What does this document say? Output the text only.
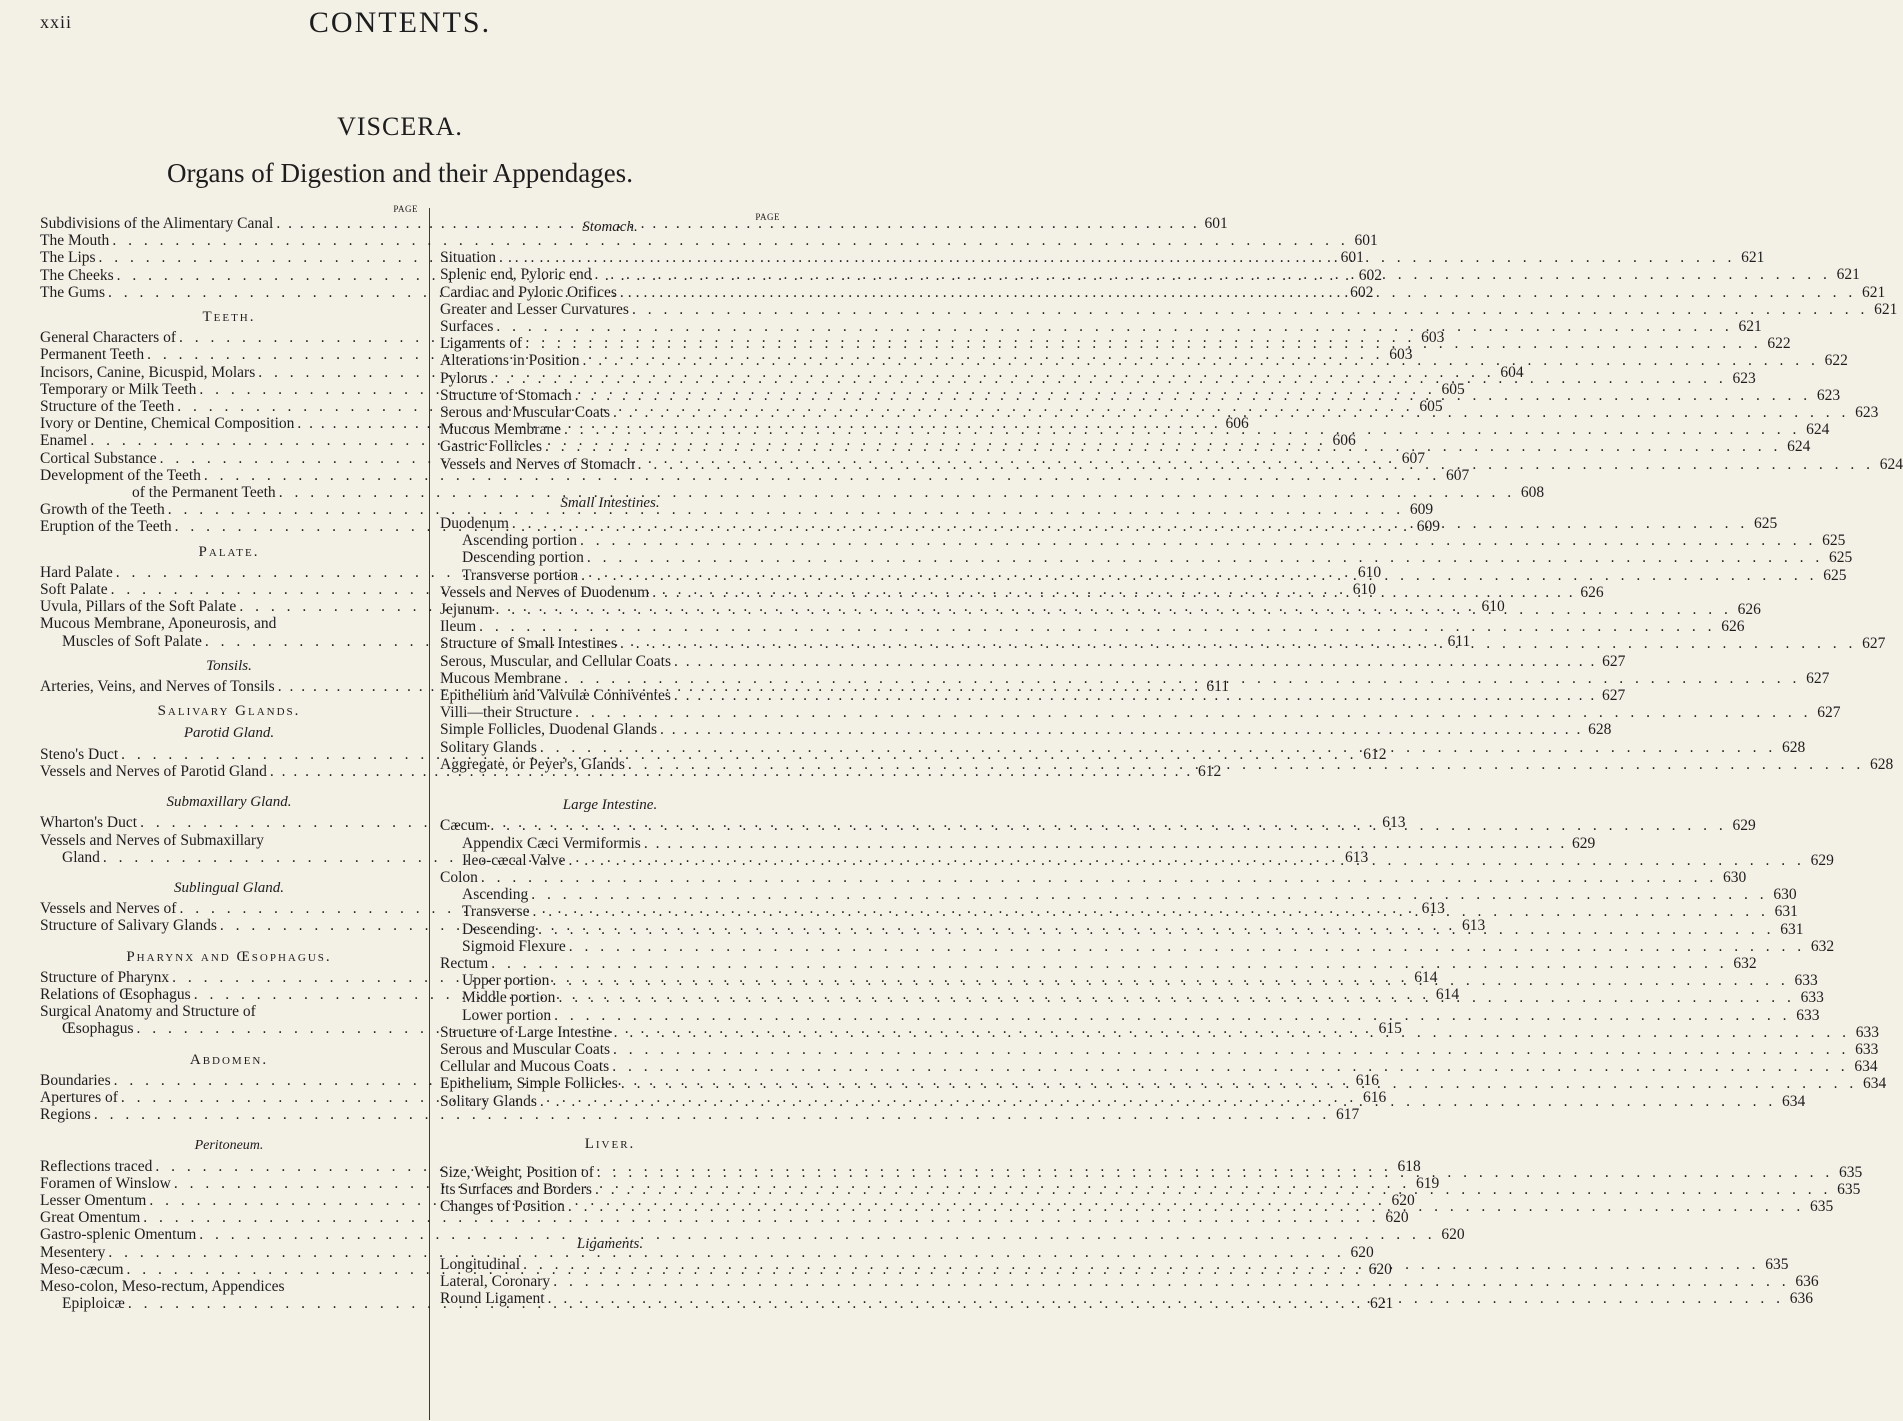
xxii	CONTENTS.
VISCERA.
Organs of Digestion and their Appendages.
PAGE
Subdivisions of the Alimentary Canal . . .	601
The Mouth . . .	601
The Lips . . .	601
The Cheeks . . .	602
The Gums . . .	602
Teeth.
General Characters of . . .	603
Permanent Teeth . . .	603
Incisors, Canine, Bicuspid, Molars . . .	604
Temporary or Milk Teeth . . .	605
Structure of the Teeth . . .	605
Ivory or Dentine, Chemical Composition . . .	606
Enamel . . .	606
Cortical Substance . . .	607
Development of the Teeth . . .	607
of the Permanent Teeth . . .	608
Growth of the Teeth . . .	609
Eruption of the Teeth . . .	609
Palate.
Hard Palate . . .	610
Soft Palate . . .	610
Uvula, Pillars of the Soft Palate . . .	610
Mucous Membrane, Aponeurosis, and
Muscles of Soft Palate . . .	611
Tonsils.
Arteries, Veins, and Nerves of Tonsils . . .	611
Salivary Glands.
Parotid Gland.
Steno's Duct . . .	612
Vessels and Nerves of Parotid Gland . . .	612
Submaxillary Gland.
Wharton's Duct . . .	613
Vessels and Nerves of Submaxillary
Gland . . .	613
Sublingual Gland.
Vessels and Nerves of . . .	613
Structure of Salivary Glands . . .	613
Pharynx and Œsophagus.
Structure of Pharynx . . .	614
Relations of Œsophagus . . .	614
Surgical Anatomy and Structure of
Œsophagus . . .	615
Abdomen.
Boundaries . . .	616
Apertures of . . .	616
Regions . . .	617
Peritoneum.
Reflections traced . . .	618
Foramen of Winslow . . .	619
Lesser Omentum . . .	620
Great Omentum . . .	620
Gastro-splenic Omentum . . .	620
Mesentery . . .	620
Meso-cæcum . . .	620
Meso-colon, Meso-rectum, Appendices
Epiploicæ . . .	621
PAGE
Stomach.
Situation . . .	621
Splenic end, Pyloric end . . .	621
Cardiac and Pyloric Orifices . . .	621
Greater and Lesser Curvatures . . .	621
Surfaces . . .	621
Ligaments of . . .	622
Alterations in Position . . .	622
Pylorus . . .	623
Structure of Stomach . . .	623
Serous and Muscular Coats . . .	623
Mucous Membrane . . .	624
Gastric Follicles . . .	624
Vessels and Nerves of Stomach . . .	624
Small Intestines.
Duodenum . . .	625
Ascending portion . . .	625
Descending portion . . .	625
Transverse portion . . .	625
Vessels and Nerves of Duodenum . . .	626
Jejunum . . .	626
Ileum . . .	626
Structure of Small Intestines . . .	627
Serous, Muscular, and Cellular Coats . . .	627
Mucous Membrane . . .	627
Epithelium and Valvulæ Conniventes . . .	627
Villi—their Structure . . .	627
Simple Follicles, Duodenal Glands . . .	628
Solitary Glands . . .	628
Aggregate, or Peyer's, Glands . . .	628
Large Intestine.
Cæcum . . .	629
Appendix Cæci Vermiformis . . .	629
Ileo-cæcal Valve . . .	629
Colon . . .	630
Ascending . . .	630
Transverse . . .	631
Descending . . .	631
Sigmoid Flexure . . .	632
Rectum . . .	632
Upper portion . . .	633
Middle portion . . .	633
Lower portion . . .	633
Structure of Large Intestine . . .	633
Serous and Muscular Coats . . .	633
Cellular and Mucous Coats . . .	634
Epithelium, Simple Follicles . . .	634
Solitary Glands . . .	634
Liver.
Size, Weight, Position of . . .	635
Its Surfaces and Borders . . .	635
Changes of Position . . .	635
Ligaments.
Longitudinal . . .	635
Lateral, Coronary . . .	636
Round Ligament . . .	636
